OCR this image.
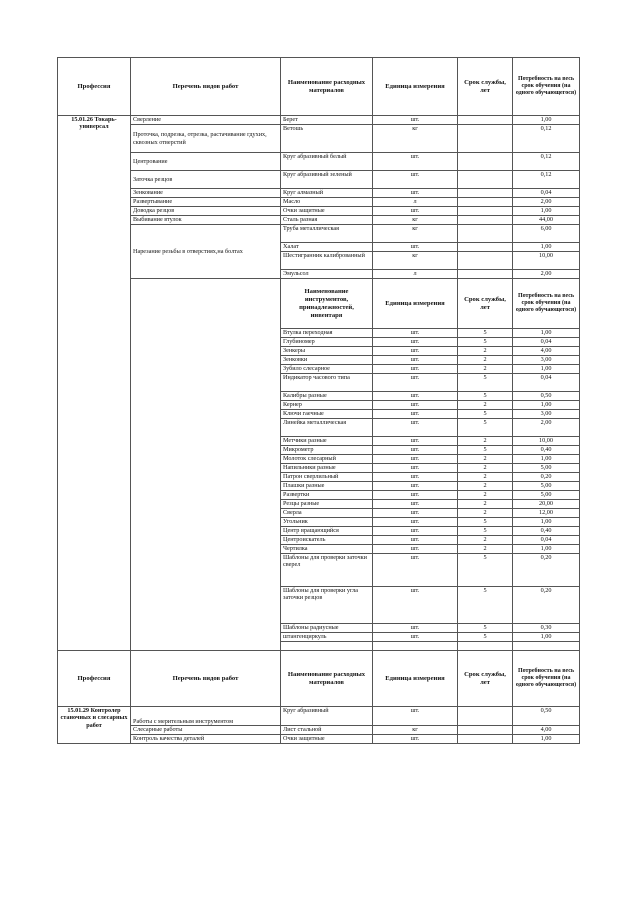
Профессия	Перечень видов работ	Наименование расходных материалов	Единица измерения	Срок службы, лет	Потребность на весь срок обучения (на одного обучающегося)
15.01.26 Токарь-универсал	Сверление	Берет	шт.		1,00
	Проточка, подрезка, отрезка, растачивание гдухих, сквозных отверстий	Ветошь	кг		0,12
	Центрование	Круг абразивный белый	шт.		0,12
	Заточка резцов	Круг абразивный зеленый	шт.		0,12
	Зенкование	Круг алмазный	шт.		0,04
	Развертывание	Масло	л		2,00
	Доводка резцов	Очки защитные	шт.		1,00
	Выбивание втулок	Сталь разная	кг		44,00
	Нарезание резьбы в отверстиях,на болтах	Труба металлическая	кг		6,00
		Халат	шт.		1,00
		Шестигранник калиброванный	кг		10,00
		Эмульсол	л		2,00
		Наименование инструментов, принадлежностей, инвентаря	Единица измерения	Срок службы, лет	Потребность на весь срок обучения (на одного обучающегося)
		Втулка переходная	шт.	5	1,00
		Глубиномер	шт.	5	0,04
		Зенкеры	шт.	2	4,00
		Зенковки	шт.	2	3,00
		Зубило слесарное	шт.	2	1,00
		Индикатор часового типа	шт.	5	0,04
		Калибры разные	шт.	5	0,50
		Кернер	шт.	2	1,00
		Ключи гаечные	шт.	5	3,00
		Линейка металлическая	шт.	5	2,00
		Метчики разные	шт.	2	10,00
		Микрометр	шт.	5	0,40
		Молоток слесарный	шт.	2	1,00
		Напильники разные	шт.	2	5,00
		Патрон сверлильный	шт.	2	0,20
		Плашки разные	шт.	2	5,00
		Развертки	шт.	2	5,00
		Резцы разные	шт.	2	20,00
		Сверла	шт.	2	12,00
		Угольник	шт.	5	1,00
		Центр вращающийся	шт.	5	0,40
		Центроискатель	шт.	2	0,04
		Чертилка	шт.	2	1,00
		Шаблоны для проверки заточки сверел	шт.	5	0,20
		Шаблоны для проверки угла заточки резцов	шт.	5	0,20
		Шаблоны радиусные	шт.	5	0,30
		штангенциркуль	шт.	5	1,00

Профессия	Перечень видов работ	Наименование расходных материалов	Единица измерения	Срок службы, лет	Потребность на весь срок обучения (на одного обучающегося)
15.01.29 Контролер станочных и слесарных работ	Работы с мерительным инструментом	Круг абразивный	шт.		0,50
	Слесарные работы	Лист стальной	кг		4,00
	Контроль качества деталей	Очки защитные	шт.		1,00
